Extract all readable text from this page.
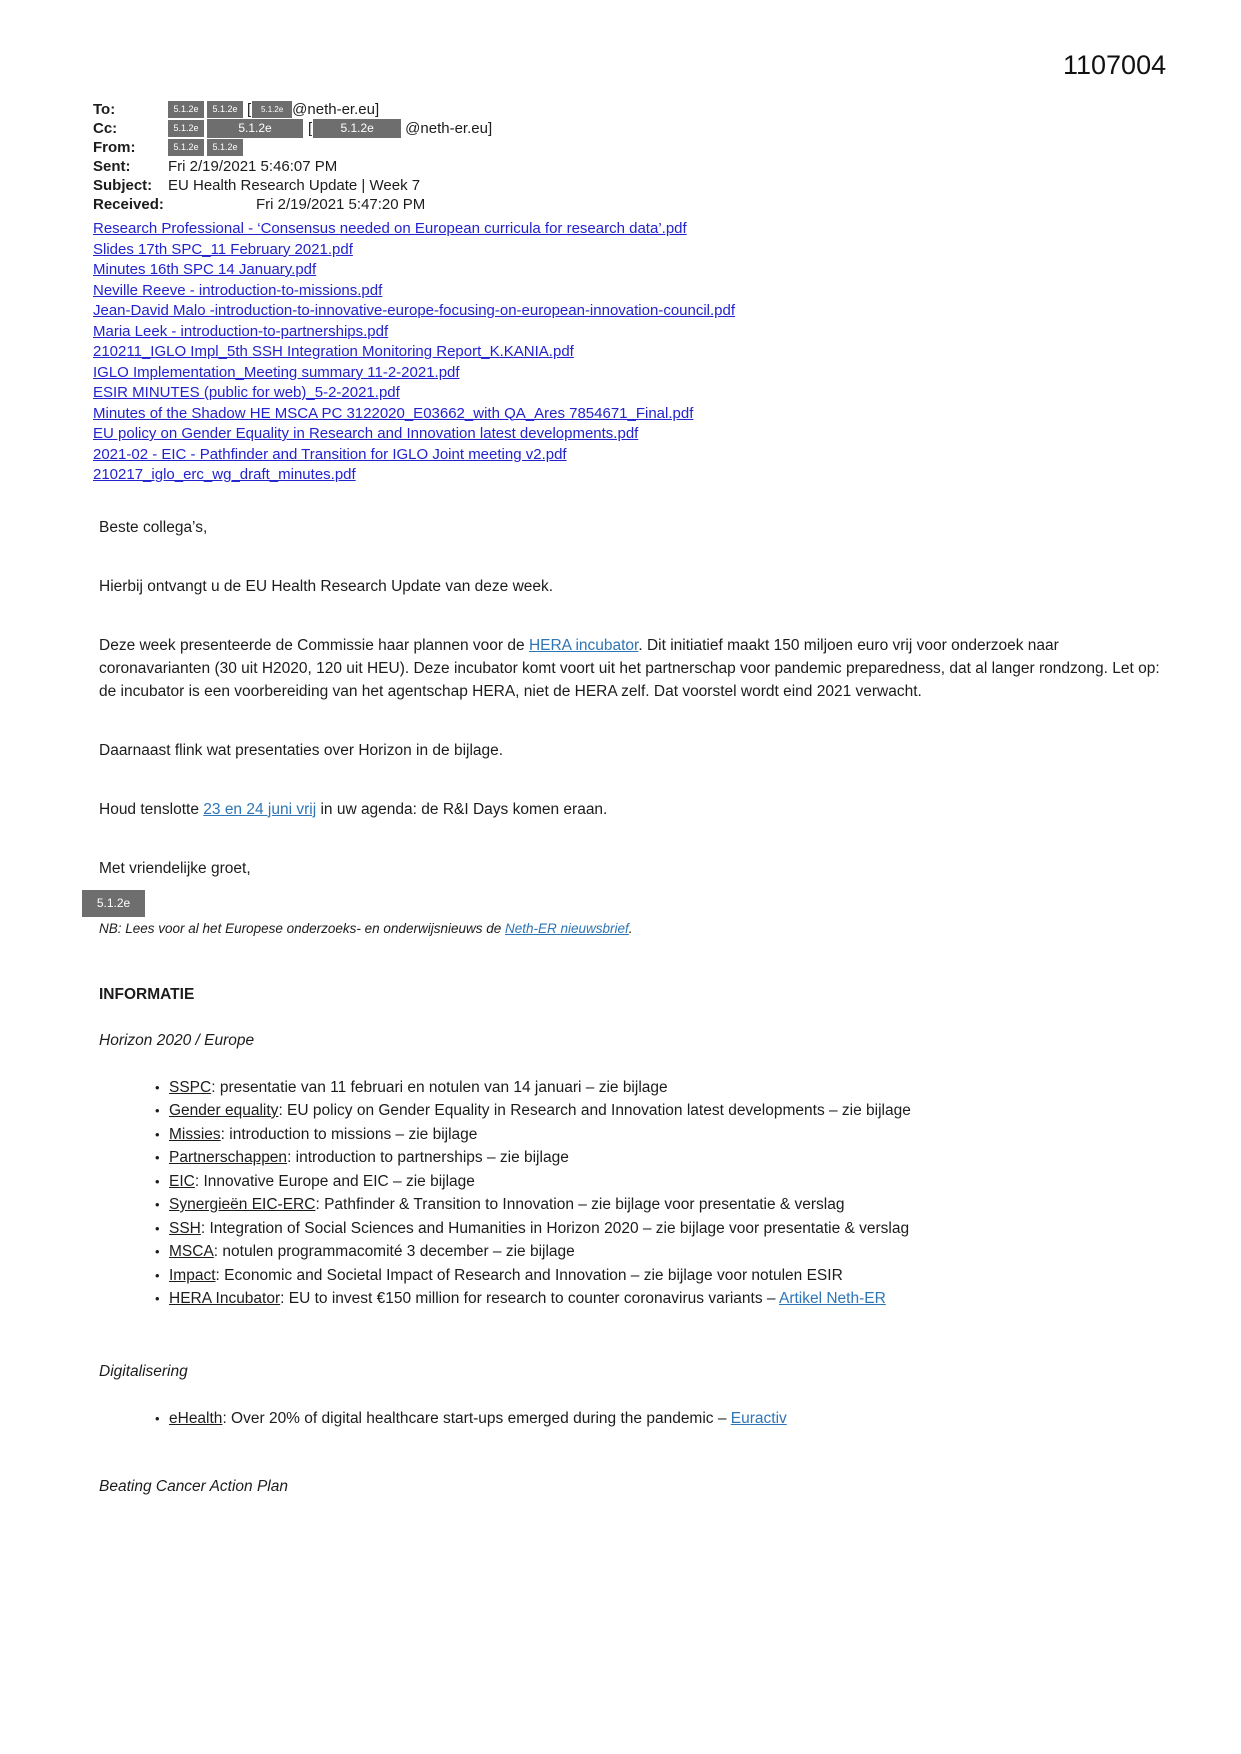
1107004
To:	5.1.2e	5.1.2e [	5.1.2e @neth-er.eu]
Cc:	5.1.2e	5.1.2e	[	5.1.2e	@neth-er.eu]
From:	5.1.2e	5.1.2e
Sent:	Fri 2/19/2021 5:46:07 PM
Subject:	EU Health Research Update | Week 7
Received:	Fri 2/19/2021 5:47:20 PM
Research Professional - ‘Consensus needed on European curricula for research data’.pdf
Slides 17th SPC_11 February 2021.pdf
Minutes 16th SPC 14 January.pdf
Neville Reeve - introduction-to-missions.pdf
Jean-David Malo -introduction-to-innovative-europe-focusing-on-european-innovation-council.pdf
Maria Leek - introduction-to-partnerships.pdf
210211_IGLO Impl_5th SSH Integration Monitoring Report_K.KANIA.pdf
IGLO Implementation_Meeting summary 11-2-2021.pdf
ESIR MINUTES (public for web)_5-2-2021.pdf
Minutes of the Shadow HE MSCA PC 3122020_E03662_with QA_Ares 7854671_Final.pdf
EU policy on Gender Equality in Research and Innovation latest developments.pdf
2021-02 - EIC - Pathfinder and Transition for IGLO Joint meeting v2.pdf
210217_iglo_erc_wg_draft_minutes.pdf

Beste collega’s,

Hierbij ontvangt u de EU Health Research Update van deze week.

Deze week presenteerde de Commissie haar plannen voor de HERA incubator. Dit initiatief maakt 150 miljoen euro vrij voor onderzoek naar coronavarianten (30 uit H2020, 120 uit HEU). Deze incubator komt voort uit het partnerschap voor pandemic preparedness, dat al langer rondzong. Let op: de incubator is een voorbereiding van het agentschap HERA, niet de HERA zelf. Dat voorstel wordt eind 2021 verwacht.

Daarnaast flink wat presentaties over Horizon in de bijlage.

Houd tenslotte 23 en 24 juni vrij in uw agenda: de R&I Days komen eraan.

Met vriendelijke groet,

5.1.2e

NB: Lees voor al het Europese onderzoeks- en onderwijsnieuws de Neth-ER nieuwsbrief.

INFORMATIE
Horizon 2020 / Europe
• SSPC: presentatie van 11 februari en notulen van 14 januari – zie bijlage
• Gender equality: EU policy on Gender Equality in Research and Innovation latest developments – zie bijlage
• Missies: introduction to missions – zie bijlage
• Partnerschappen: introduction to partnerships – zie bijlage
• EIC: Innovative Europe and EIC – zie bijlage
• Synergieën EIC-ERC: Pathfinder & Transition to Innovation – zie bijlage voor presentatie & verslag
• SSH: Integration of Social Sciences and Humanities in Horizon 2020 – zie bijlage voor presentatie & verslag
• MSCA: notulen programmacomité 3 december – zie bijlage
• Impact: Economic and Societal Impact of Research and Innovation – zie bijlage voor notulen ESIR
• HERA Incubator: EU to invest €150 million for research to counter coronavirus variants – Artikel Neth-ER
Digitalisering
• eHealth: Over 20% of digital healthcare start-ups emerged during the pandemic – Euractiv
Beating Cancer Action Plan
